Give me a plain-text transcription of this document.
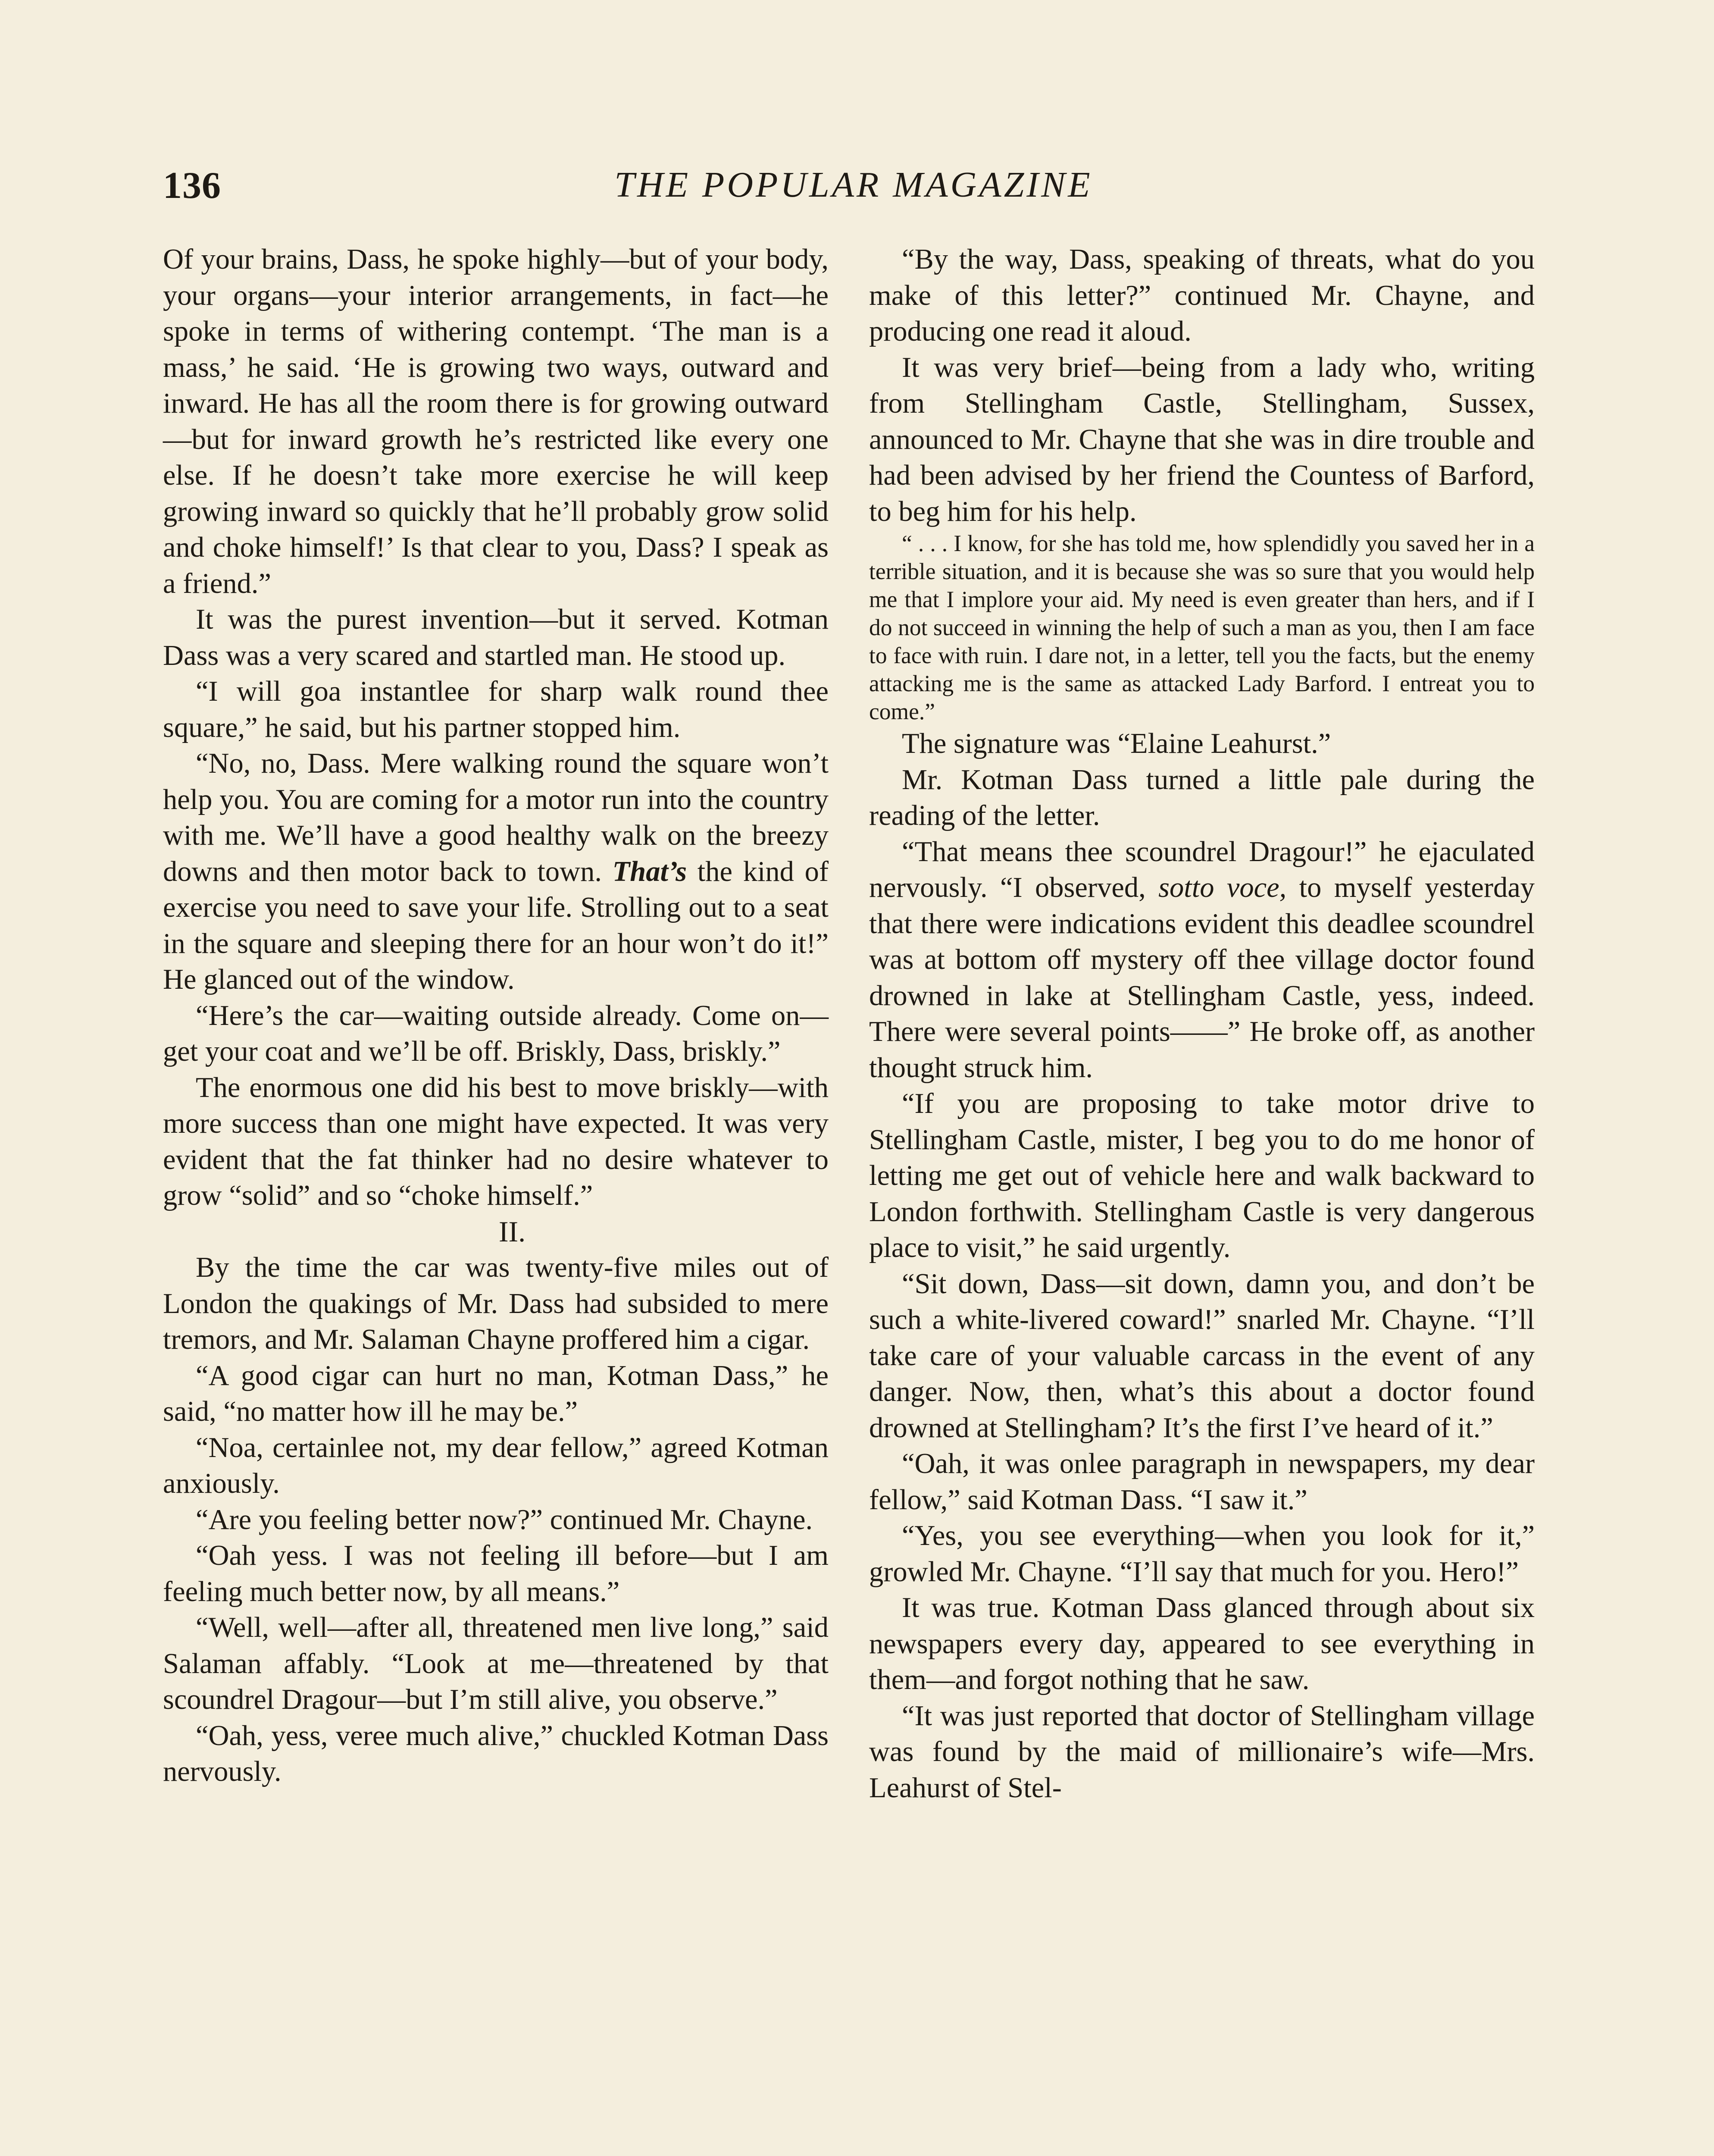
136	THE POPULAR MAGAZINE

Of your brains, Dass, he spoke highly—but of your body, your organs—your interior arrangements, in fact—he spoke in terms of withering contempt. ‘The man is a mass,’ he said. ‘He is growing two ways, outward and inward. He has all the room there is for growing outward—but for inward growth he’s restricted like every one else. If he doesn’t take more exercise he will keep growing inward so quickly that he’ll probably grow solid and choke himself!’ Is that clear to you, Dass? I speak as a friend.”

It was the purest invention—but it served. Kotman Dass was a very scared and startled man. He stood up.

“I will goa instantlee for sharp walk round thee square,” he said, but his partner stopped him.

“No, no, Dass. Mere walking round the square won’t help you. You are coming for a motor run into the country with me. We’ll have a good healthy walk on the breezy downs and then motor back to town. That’s the kind of exercise you need to save your life. Strolling out to a seat in the square and sleeping there for an hour won’t do it!” He glanced out of the window.

“Here’s the car—waiting outside already. Come on—get your coat and we’ll be off. Briskly, Dass, briskly.”

The enormous one did his best to move briskly—with more success than one might have expected. It was very evident that the fat thinker had no desire whatever to grow “solid” and so “choke himself.”

II.

By the time the car was twenty-five miles out of London the quakings of Mr. Dass had subsided to mere tremors, and Mr. Salaman Chayne proffered him a cigar.

“A good cigar can hurt no man, Kotman Dass,” he said, “no matter how ill he may be.”

“Noa, certainlee not, my dear fellow,” agreed Kotman anxiously.

“Are you feeling better now?” continued Mr. Chayne.

“Oah yess. I was not feeling ill before—but I am feeling much better now, by all means.”

“Well, well—after all, threatened men live long,” said Salaman affably. “Look at me—threatened by that scoundrel Dragour—but I’m still alive, you observe.”

“Oah, yess, veree much alive,” chuckled Kotman Dass nervously.

“By the way, Dass, speaking of threats, what do you make of this letter?” continued Mr. Chayne, and producing one read it aloud.

It was very brief—being from a lady who, writing from Stellingham Castle, Stellingham, Sussex, announced to Mr. Chayne that she was in dire trouble and had been advised by her friend the Countess of Barford, to beg him for his help.

“ . . . I know, for she has told me, how splendidly you saved her in a terrible situation, and it is because she was so sure that you would help me that I implore your aid. My need is even greater than hers, and if I do not succeed in winning the help of such a man as you, then I am face to face with ruin. I dare not, in a letter, tell you the facts, but the enemy attacking me is the same as attacked Lady Barford. I entreat you to come.”

The signature was “Elaine Leahurst.”

Mr. Kotman Dass turned a little pale during the reading of the letter.

“That means thee scoundrel Dragour!” he ejaculated nervously. “I observed, sotto voce, to myself yesterday that there were indications evident this deadlee scoundrel was at bottom off mystery off thee village doctor found drowned in lake at Stellingham Castle, yess, indeed. There were several points——” He broke off, as another thought struck him.

“If you are proposing to take motor drive to Stellingham Castle, mister, I beg you to do me honor of letting me get out of vehicle here and walk backward to London forthwith. Stellingham Castle is very dangerous place to visit,” he said urgently.

“Sit down, Dass—sit down, damn you, and don’t be such a white-livered coward!” snarled Mr. Chayne. “I’ll take care of your valuable carcass in the event of any danger. Now, then, what’s this about a doctor found drowned at Stellingham? It’s the first I’ve heard of it.”

“Oah, it was onlee paragraph in newspapers, my dear fellow,” said Kotman Dass. “I saw it.”

“Yes, you see everything—when you look for it,” growled Mr. Chayne. “I’ll say that much for you. Hero!”

It was true. Kotman Dass glanced through about six newspapers every day, appeared to see everything in them—and forgot nothing that he saw.

“It was just reported that doctor of Stellingham village was found by the maid of millionaire’s wife—Mrs. Leahurst of Stel-
